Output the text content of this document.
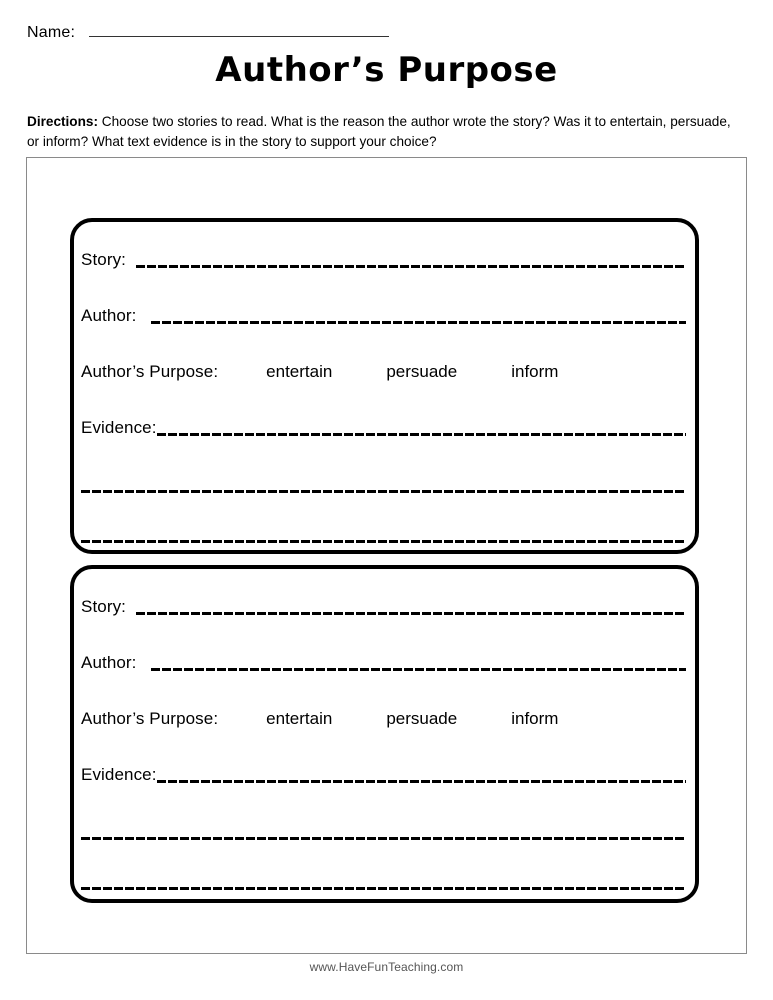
Name:
Author’s Purpose
Directions: Choose two stories to read. What is the reason the author wrote the story? Was it to entertain, persuade, or inform? What text evidence is in the story to support your choice?
Story:
Author:
Author’s Purpose:	entertain	persuade	inform
Evidence:
Story:
Author:
Author’s Purpose:	entertain	persuade	inform
Evidence:
www.HaveFunTeaching.com
